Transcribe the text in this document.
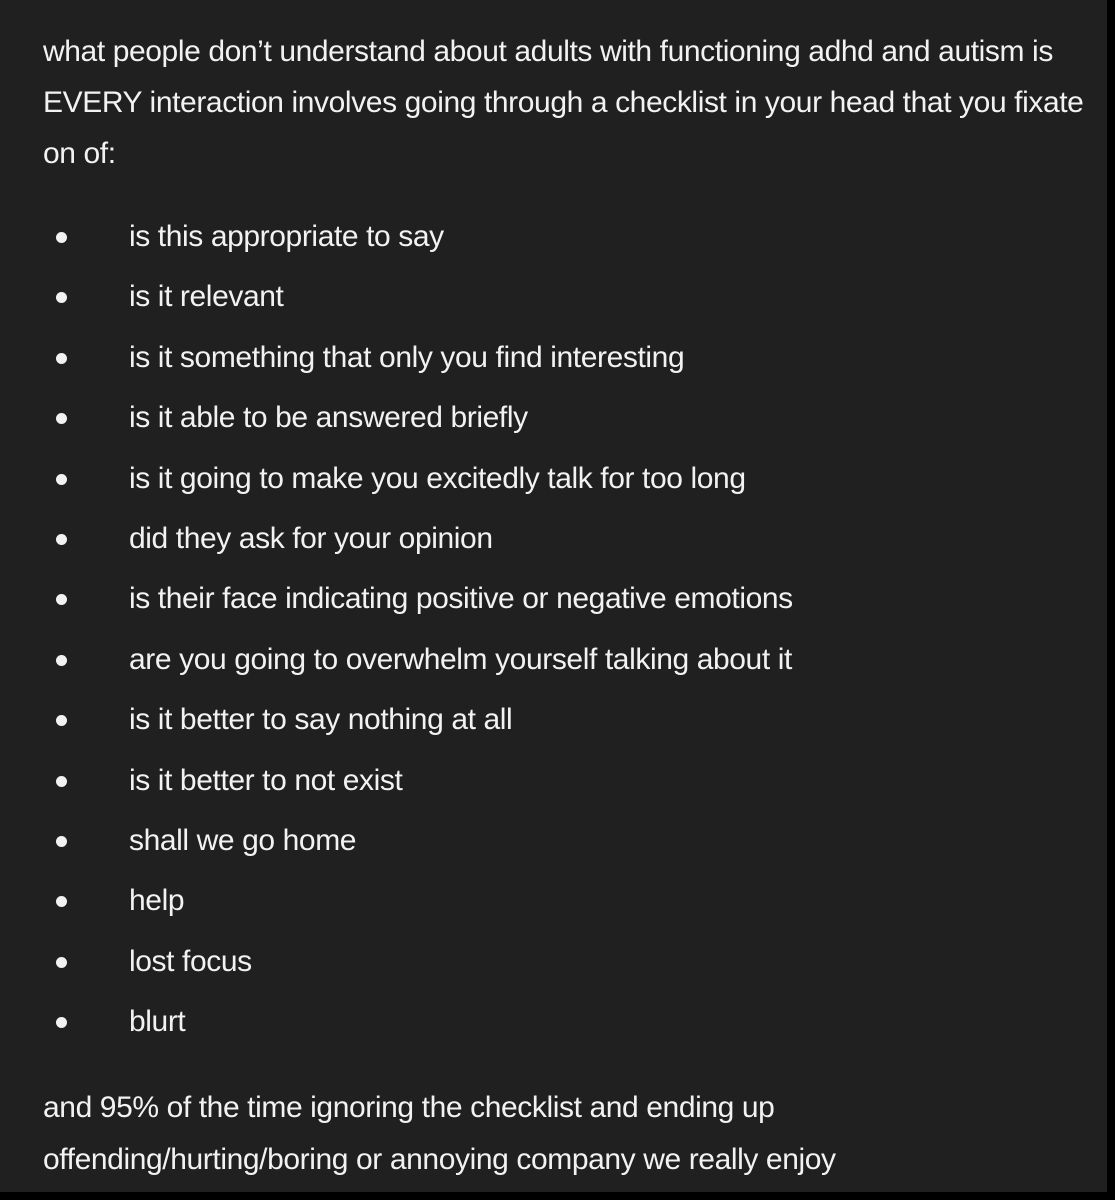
what people don’t understand about adults with functioning adhd and autism is EVERY interaction involves going through a checklist in your head that you fixate on of:

is this appropriate to say
is it relevant
is it something that only you find interesting
is it able to be answered briefly
is it going to make you excitedly talk for too long
did they ask for your opinion
is their face indicating positive or negative emotions
are you going to overwhelm yourself talking about it
is it better to say nothing at all
is it better to not exist
shall we go home
help
lost focus
blurt

and 95% of the time ignoring the checklist and ending up offending/hurting/boring or annoying company we really enjoy
